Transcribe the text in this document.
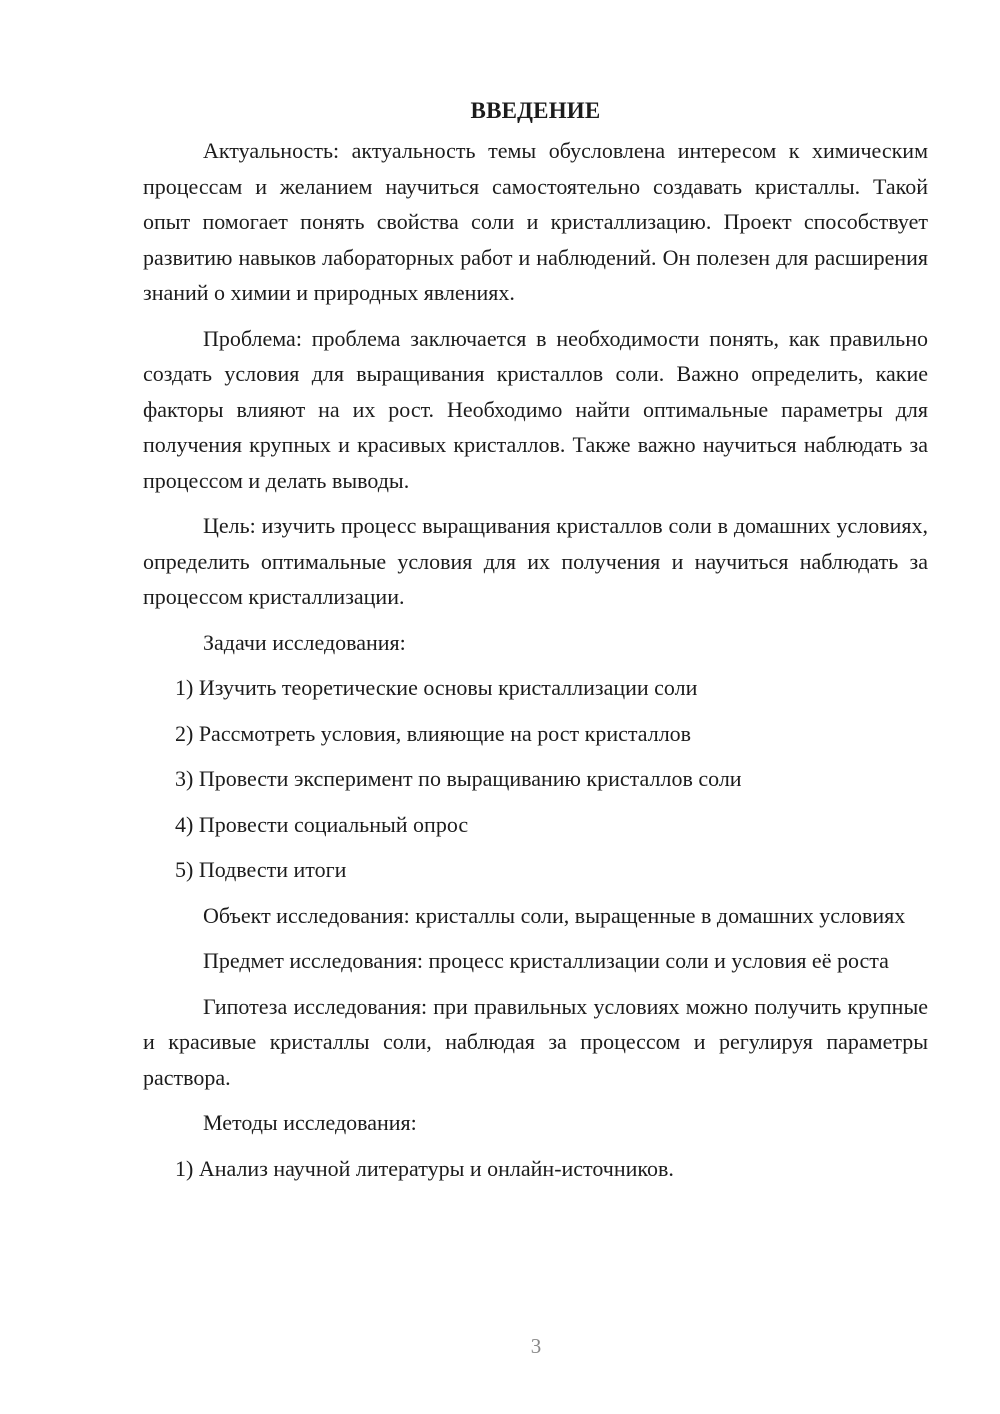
ВВЕДЕНИЕ

Актуальность: актуальность темы обусловлена интересом к химическим процессам и желанием научиться самостоятельно создавать кристаллы. Такой опыт помогает понять свойства соли и кристаллизацию. Проект способствует развитию навыков лабораторных работ и наблюдений. Он полезен для расширения знаний о химии и природных явлениях.

Проблема: проблема заключается в необходимости понять, как правильно создать условия для выращивания кристаллов соли. Важно определить, какие факторы влияют на их рост. Необходимо найти оптимальные параметры для получения крупных и красивых кристаллов. Также важно научиться наблюдать за процессом и делать выводы.

Цель: изучить процесс выращивания кристаллов соли в домашних условиях, определить оптимальные условия для их получения и научиться наблюдать за процессом кристаллизации.

Задачи исследования:
1) Изучить теоретические основы кристаллизации соли
2) Рассмотреть условия, влияющие на рост кристаллов
3) Провести эксперимент по выращиванию кристаллов соли
4) Провести социальный опрос
5) Подвести итоги

Объект исследования: кристаллы соли, выращенные в домашних условиях

Предмет исследования: процесс кристаллизации соли и условия её роста

Гипотеза исследования: при правильных условиях можно получить крупные и красивые кристаллы соли, наблюдая за процессом и регулируя параметры раствора.

Методы исследования:
1) Анализ научной литературы и онлайн-источников.
3
